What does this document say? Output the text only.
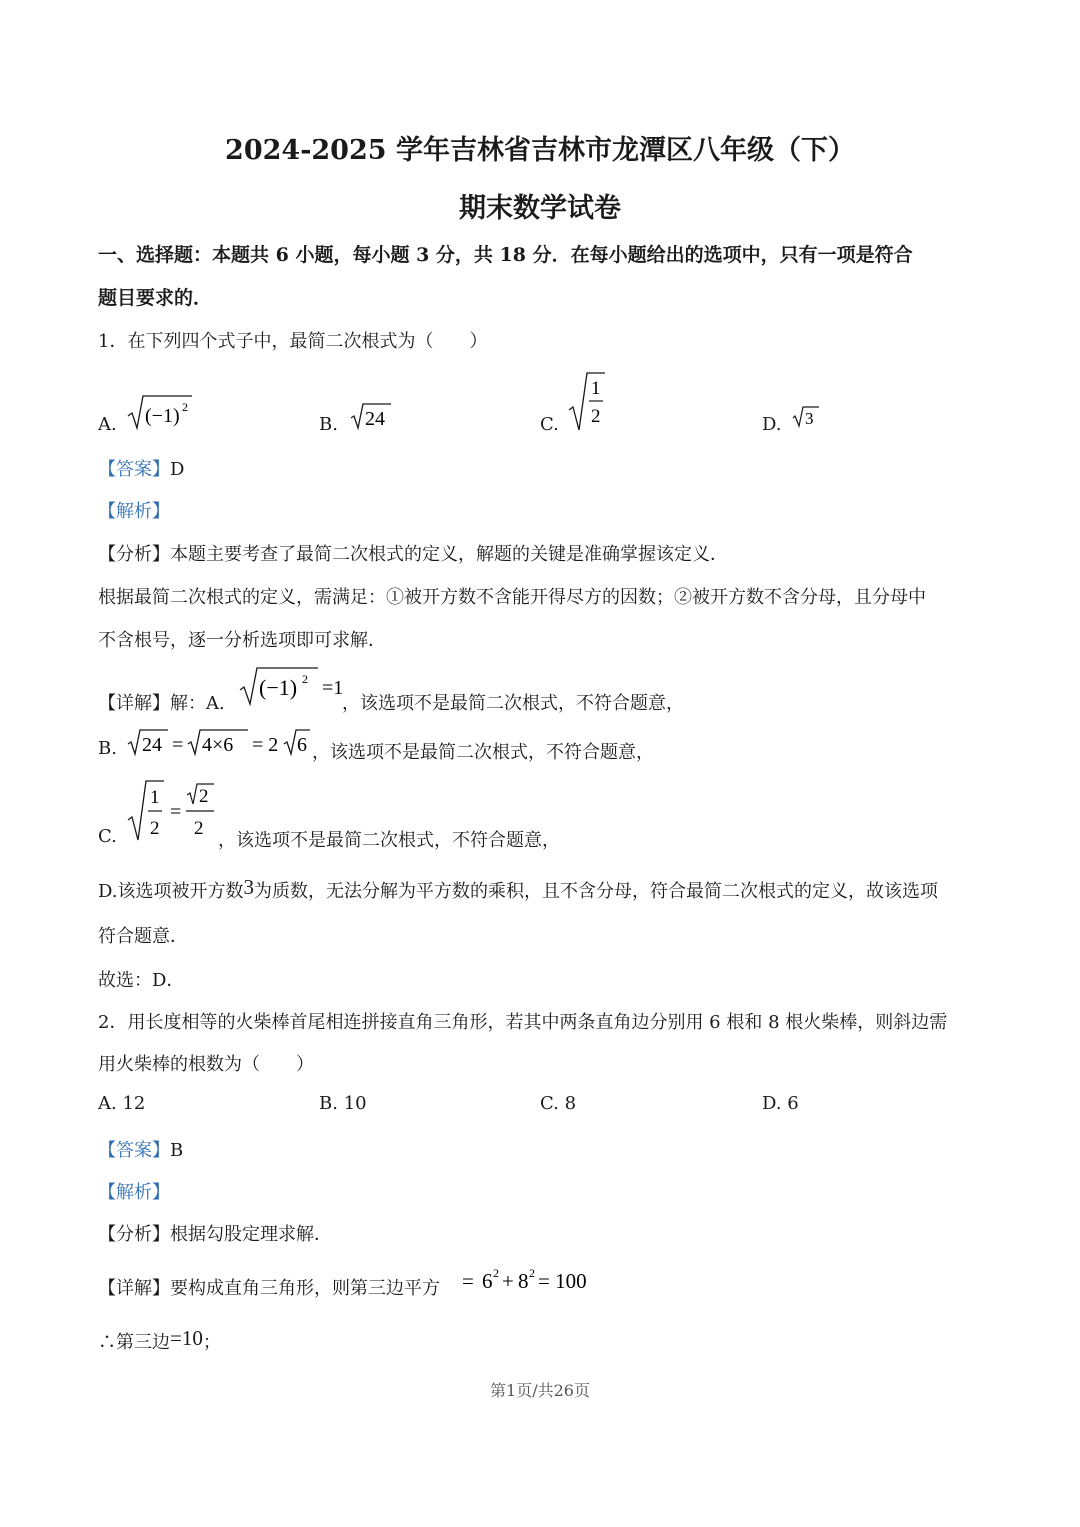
2024-2025 学年吉林省吉林市龙潭区八年级（下）
期末数学试卷
一、选择题：本题共 6 小题，每小题 3 分，共 18 分．在每小题给出的选项中，只有一项是符合
题目要求的．
1．在下列四个式子中，最简二次根式为（　　）
A. (−1) 2
B. 24	C.
1
2	D. 3
【答案】D
【解析】
【分析】本题主要考查了最简二次根式的定义，解题的关键是准确掌握该定义．
根据最简二次根式的定义，需满足：①被开方数不含能开得尽方的因数；②被开方数不含分母，且分母中
不含根号，逐一分析选项即可求解．
【详解】解：A.
(−1) 2 =1
，该选项不是最简二次根式，不符合题意，
B. 24 = 4×6 = 2 6 ，该选项不是最简二次根式，不符合题意，
C.
1
2
=
2
2
，该选项不是最简二次根式，不符合题意，
D.该选项被开方数3为质数，无法分解为平方数的乘积，且不含分母，符合最简二次根式的定义，故该选项
符合题意．
故选：D．
2．用长度相等的火柴棒首尾相连拼接直角三角形，若其中两条直角边分别用 6 根和 8 根火柴棒，则斜边需
用火柴棒的根数为（　　）
A. 12	B. 10	C. 8	D. 6
【答案】B
【解析】
【分析】根据勾股定理求解．
【详解】要构成直角三角形，则第三边平方 = 6 2 + 8 2 = 100
∴第三边=10；
第1页/共26页
